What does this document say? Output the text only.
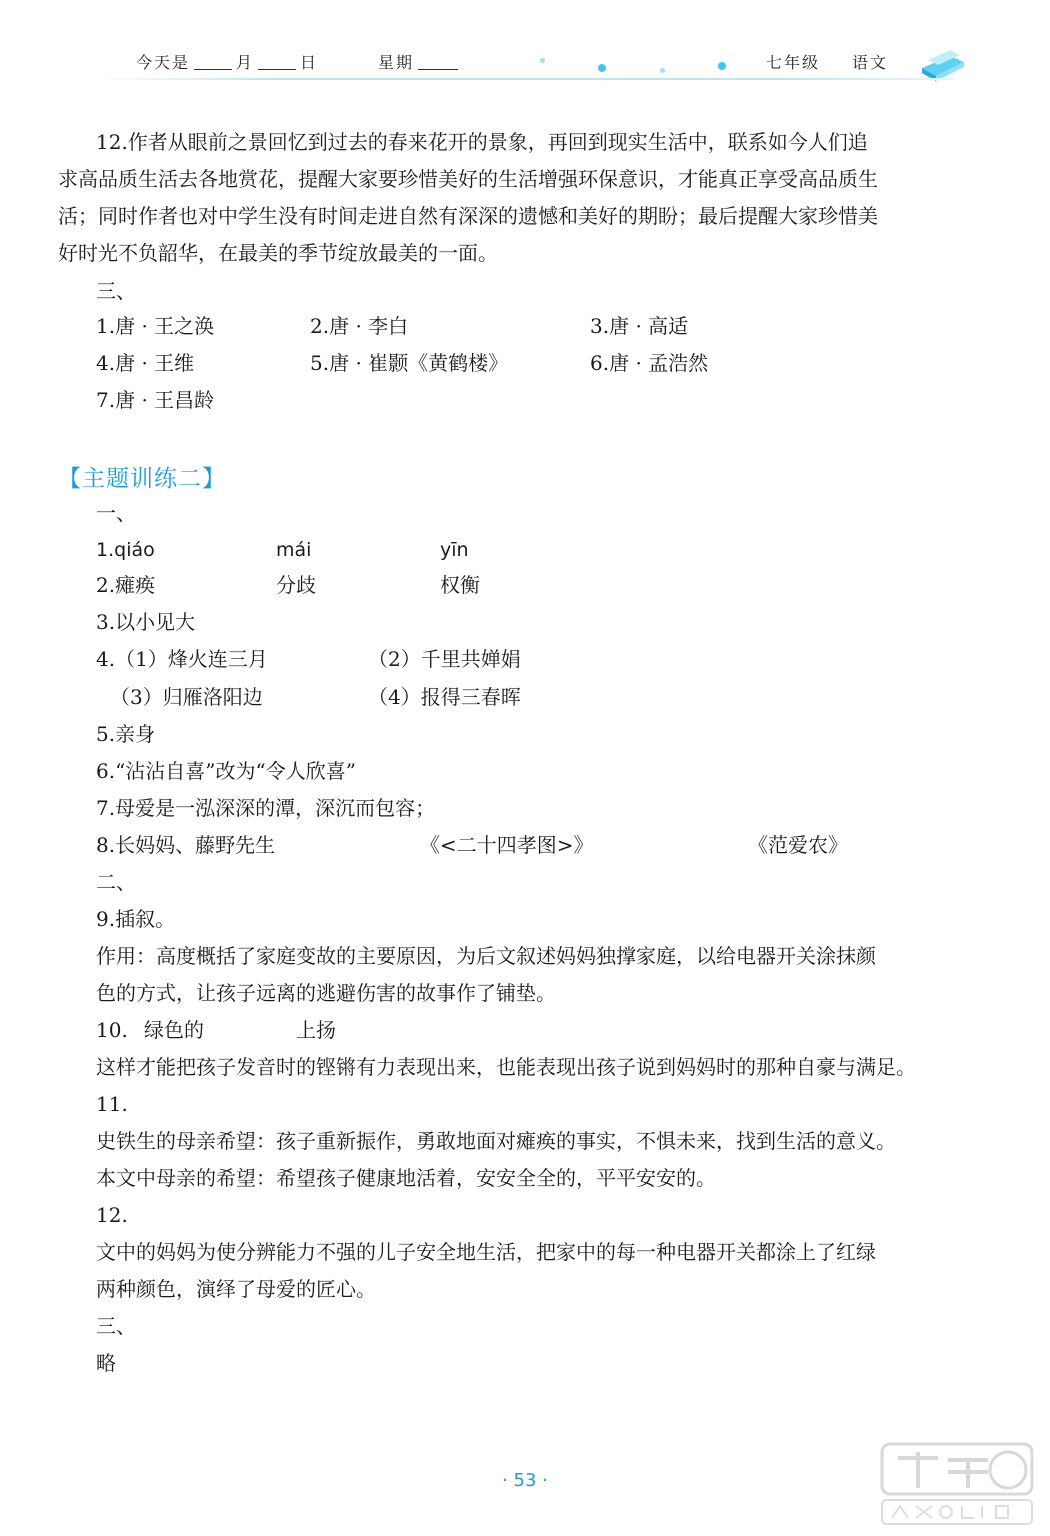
今天是	月	日	星期	七年级 语文
12.作者从眼前之景回忆到过去的春来花开的景象，再回到现实生活中，联系如今人们追
求高品质生活去各地赏花，提醒大家要珍惜美好的生活增强环保意识，才能真正享受高品质生
活；同时作者也对中学生没有时间走进自然有深深的遗憾和美好的期盼；最后提醒大家珍惜美
好时光不负韶华，在最美的季节绽放最美的一面。
三、
1.唐 · 王之涣	2.唐 · 李白	3.唐 · 高适
4.唐 · 王维	5.唐 · 崔颢《黄鹤楼》	6.唐 · 孟浩然
7.唐 · 王昌龄
【主题训练二】
一、
1.qiáo	mái	yīn
2.瘫痪	分歧	权衡
3.以小见大
4.（1）烽火连三月	（2）千里共婵娟
（3）归雁洛阳边	（4）报得三春晖
5.亲身
6.“沾沾自喜”改为“令人欣喜”
7.母爱是一泓深深的潭，深沉而包容；
8.长妈妈、藤野先生	《<二十四孝图>》	《范爱农》
二、
9.插叙。
作用：高度概括了家庭变故的主要原因，为后文叙述妈妈独撑家庭，以给电器开关涂抹颜
色的方式，让孩子远离的逃避伤害的故事作了铺垫。
10. 绿色的	上扬
这样才能把孩子发音时的铿锵有力表现出来，也能表现出孩子说到妈妈时的那种自豪与满足。
11.
史铁生的母亲希望：孩子重新振作，勇敢地面对瘫痪的事实，不惧未来，找到生活的意义。
本文中母亲的希望：希望孩子健康地活着，安安全全的，平平安安的。
12.
文中的妈妈为使分辨能力不强的儿子安全地生活，把家中的每一种电器开关都涂上了红绿
两种颜色，演绎了母爱的匠心。
三、
略
· 53 ·
